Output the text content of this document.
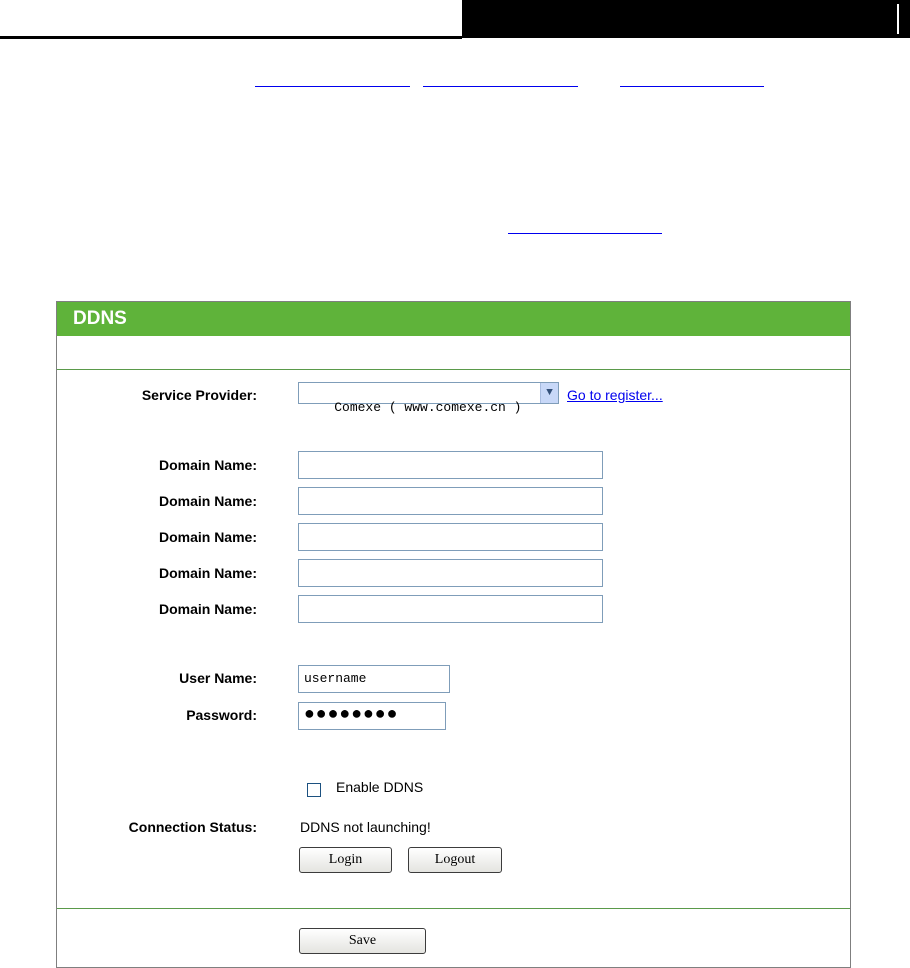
DDNS
Service Provider:

Comexe ( www.comexe.cn )

▼

	Go to register...
Domain Name:
Domain Name:
Domain Name:
Domain Name:
Domain Name:
User Name:	username
Password:	●●●●●●●●
Enable DDNS
Connection Status:	DDNS not launching!
Login	Logout
Save
